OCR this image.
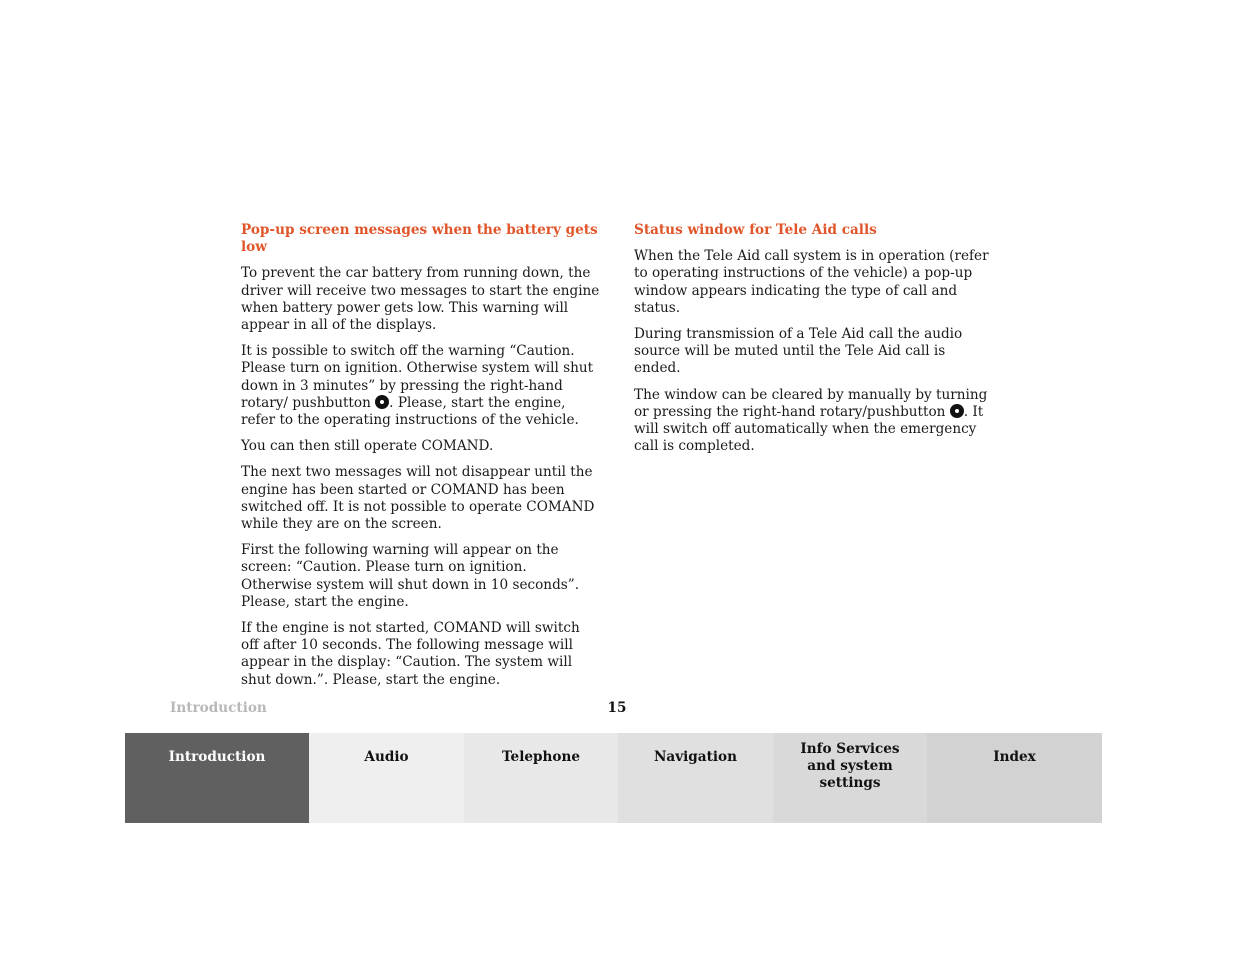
Pop-up screen messages when the battery gets low

To prevent the car battery from running down, the driver will receive two messages to start the engine when battery power gets low. This warning will appear in all of the displays.

It is possible to switch off the warning “Caution. Please turn on ignition. Otherwise system will shut down in 3 minutes” by pressing the right-hand rotary/ pushbutton . Please, start the engine, refer to the operating instructions of the vehicle.

You can then still operate COMAND.

The next two messages will not disappear until the engine has been started or COMAND has been switched off. It is not possible to operate COMAND while they are on the screen.

First the following warning will appear on the screen: “Caution. Please turn on ignition. Otherwise system will shut down in 10 seconds”. Please, start the engine.

If the engine is not started, COMAND will switch off after 10 seconds. The following message will appear in the display: “Caution. The system will shut down.”. Please, start the engine.

Status window for Tele Aid calls

When the Tele Aid call system is in operation (refer to operating instructions of the vehicle) a pop-up window appears indicating the type of call and status.

During transmission of a Tele Aid call the audio source will be muted until the Tele Aid call is ended.

The window can be cleared by manually by turning or pressing the right-hand rotary/pushbutton . It will switch off automatically when the emergency call is completed.

Introduction	15
Introduction	Audio	Telephone	Navigation	Info Services and system settings
Index
